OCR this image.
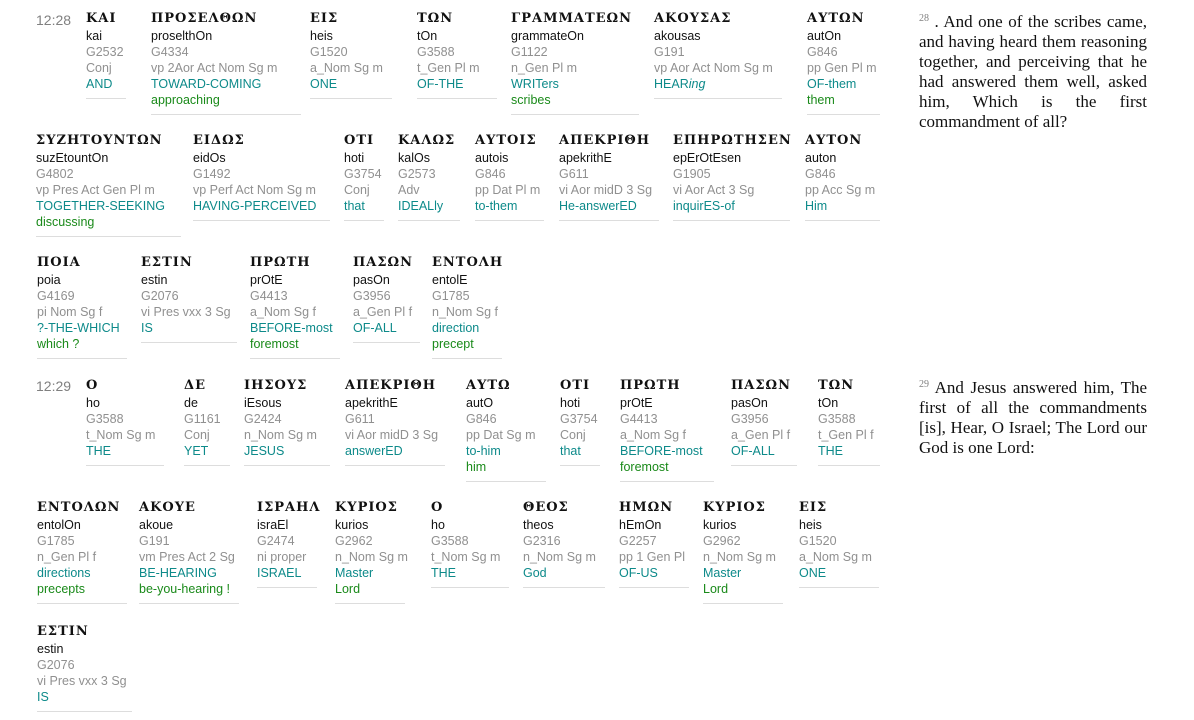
12:28	$^{28}$ . And one of the scribes came, and having heard them reasoning together, and perceiving that he had answered them well, asked him, Which is the first commandment of all?
12:29	$^{29}$ And Jesus answered him, The first of all the commandments [is], Hear, O Israel; The Lord our God is one Lord:
ΚΑΙ
kai
G2532
Conj
AND
ΠΡΟΣΕΛΘΩΝ
proselthOn
G4334
vp 2Aor Act Nom Sg m
TOWARD-COMING
approaching
ΕΙΣ
heis
G1520
a_Nom Sg m
ONE
ΤΩΝ
tOn
G3588
t_Gen Pl m
OF-THE
ΓΡΑΜΜΑΤΕΩΝ
grammateOn
G1122
n_Gen Pl m
WRITers
scribes
ΑΚΟΥΣΑΣ
akousas
G191
vp Aor Act Nom Sg m
HEARing
ΑΥΤΩΝ
autOn
G846
pp Gen Pl m
OF-them
them
ΣΥΖΗΤΟΥΝΤΩΝ
suzEtountOn
G4802
vp Pres Act Gen Pl m
TOGETHER-SEEKING
discussing
ΕΙΔΩΣ
eidOs
G1492
vp Perf Act Nom Sg m
HAVING-PERCEIVED
ΟΤΙ
hoti
G3754
Conj
that
ΚΑΛΩΣ
kalOs
G2573
Adv
IDEALly
ΑΥΤΟΙΣ
autois
G846
pp Dat Pl m
to-them
ΑΠΕΚΡΙΘΗ
apekrithE
G611
vi Aor midD 3 Sg
He-answerED
ΕΠΗΡΩΤΗΣΕΝ
epErOtEsen
G1905
vi Aor Act 3 Sg
inquirES-of
ΑΥΤΟΝ
auton
G846
pp Acc Sg m
Him
ΠΟΙΑ
poia
G4169
pi Nom Sg f
?-THE-WHICH
which ?
ΕΣΤΙΝ
estin
G2076
vi Pres vxx 3 Sg
IS
ΠΡΩΤΗ
prOtE
G4413
a_Nom Sg f
BEFORE-most
foremost
ΠΑΣΩΝ
pasOn
G3956
a_Gen Pl f
OF-ALL
ΕΝΤΟΛΗ
entolE
G1785
n_Nom Sg f
direction
precept
Ο
ho
G3588
t_Nom Sg m
THE
ΔΕ
de
G1161
Conj
YET
ΙΗΣΟΥΣ
iEsous
G2424
n_Nom Sg m
JESUS
ΑΠΕΚΡΙΘΗ
apekrithE
G611
vi Aor midD 3 Sg
answerED
ΑΥΤΩ
autO
G846
pp Dat Sg m
to-him
him
ΟΤΙ
hoti
G3754
Conj
that
ΠΡΩΤΗ
prOtE
G4413
a_Nom Sg f
BEFORE-most
foremost
ΠΑΣΩΝ
pasOn
G3956
a_Gen Pl f
OF-ALL
ΤΩΝ
tOn
G3588
t_Gen Pl f
THE
ΕΝΤΟΛΩΝ
entolOn
G1785
n_Gen Pl f
directions
precepts
ΑΚΟΥΕ
akoue
G191
vm Pres Act 2 Sg
BE-HEARING
be-you-hearing !
ΙΣΡΑΗΛ
israEl
G2474
ni proper
ISRAEL
ΚΥΡΙΟΣ
kurios
G2962
n_Nom Sg m
Master
Lord
Ο
ho
G3588
t_Nom Sg m
THE
ΘΕΟΣ
theos
G2316
n_Nom Sg m
God
ΗΜΩΝ
hEmOn
G2257
pp 1 Gen Pl
OF-US
ΚΥΡΙΟΣ
kurios
G2962
n_Nom Sg m
Master
Lord
ΕΙΣ
heis
G1520
a_Nom Sg m
ONE
ΕΣΤΙΝ
estin
G2076
vi Pres vxx 3 Sg
IS
